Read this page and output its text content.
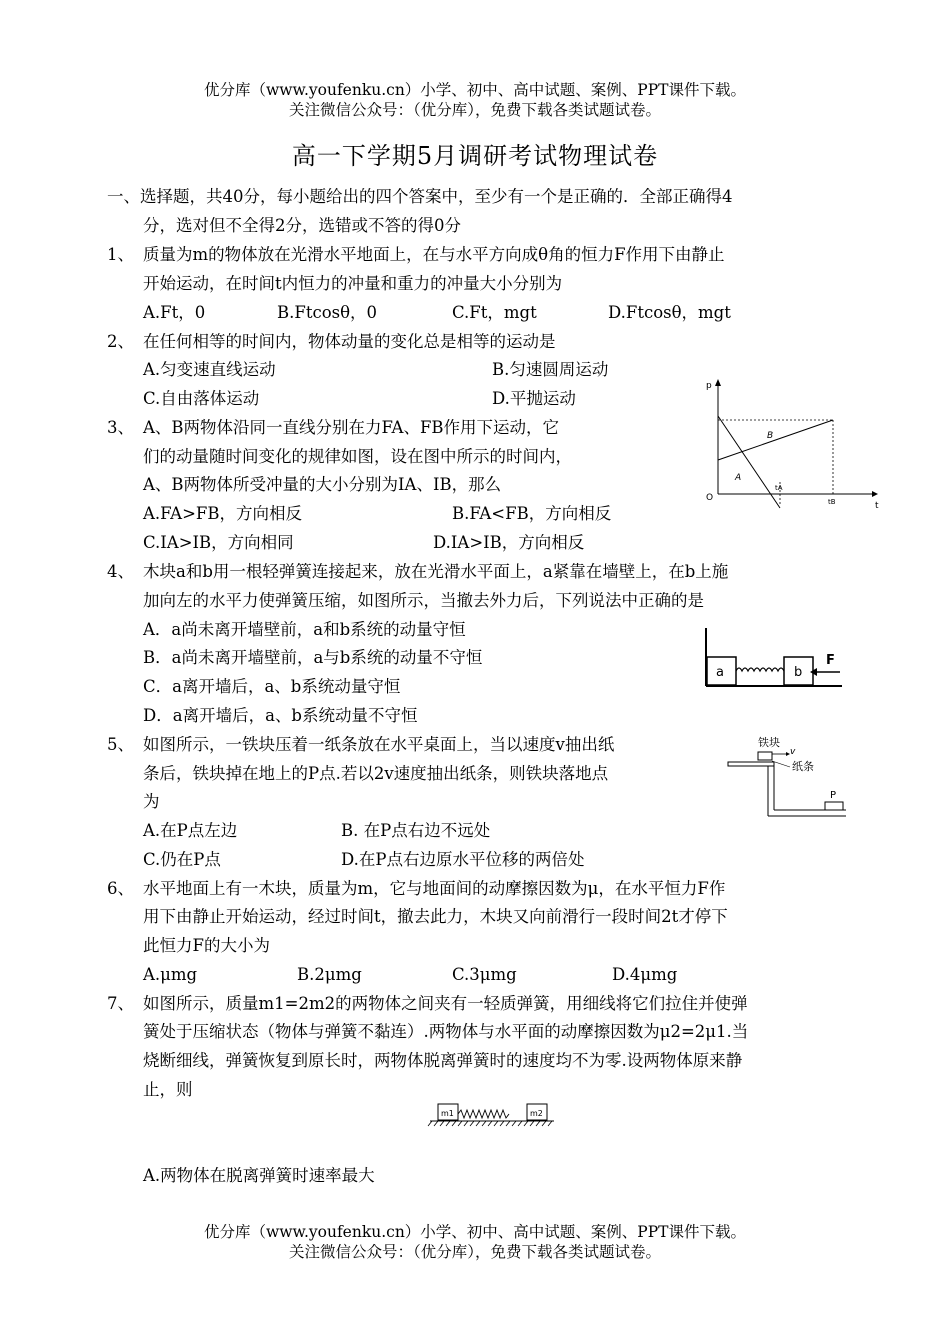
优分库（www.youfenku.cn）小学、初中、高中试题、案例、PPT课件下载。
关注微信公众号：（优分库），免费下载各类试题试卷。
高一下学期5月调研考试物理试卷
一、选择题，共40分，每小题给出的四个答案中，至少有一个是正确的．全部正确得4
分，选对但不全得2分，选错或不答的得0分
1、 质量为m的物体放在光滑水平地面上，在与水平方向成θ角的恒力F作用下由静止
开始运动，在时间t内恒力的冲量和重力的冲量大小分别为
A.Ft，0	B.Ftcosθ，0	C.Ft，mgt	D.Ftcosθ，mgt
2、 在任何相等的时间内，物体动量的变化总是相等的运动是
A.匀变速直线运动	B.匀速圆周运动
C.自由落体运动	D.平抛运动
3、 A、B两物体沿同一直线分别在力FA、FB作用下运动，它
们的动量随时间变化的规律如图，设在图中所示的时间内，
A、B两物体所受冲量的大小分别为IA、IB，那么
A.FA>FB，方向相反	B.FA<FB，方向相反
C.IA>IB，方向相同	D.IA>IB，方向相反
p
t
O
B
A
tA
tB
4、 木块a和b用一根轻弹簧连接起来，放在光滑水平面上，a紧靠在墙壁上，在b上施
加向左的水平力使弹簧压缩，如图所示，当撤去外力后，下列说法中正确的是
A．a尚未离开墙壁前，a和b系统的动量守恒
B．a尚未离开墙壁前，a与b系统的动量不守恒
C．a离开墙后，a、b系统动量守恒
D．a离开墙后，a、b系统动量不守恒
a	b
F
5、 如图所示，一铁块压着一纸条放在水平桌面上，当以速度v抽出纸
条后，铁块掉在地上的P点.若以2v速度抽出纸条，则铁块落地点
为
A.在P点左边	B. 在P点右边不远处
C.仍在P点	D.在P点右边原水平位移的两倍处
铁块
v
纸条
P
6、 水平地面上有一木块，质量为m，它与地面间的动摩擦因数为μ，在水平恒力F作
用下由静止开始运动，经过时间t，撤去此力，木块又向前滑行一段时间2t才停下
此恒力F的大小为
A.μmg	B.2μmg	C.3μmg	D.4μmg
7、 如图所示，质量m1=2m2的两物体之间夹有一轻质弹簧，用细线将它们拉住并使弹
簧处于压缩状态（物体与弹簧不黏连）.两物体与水平面的动摩擦因数为μ2=2μ1.当
烧断细线，弹簧恢复到原长时，两物体脱离弹簧时的速度均不为零.设两物体原来静
止，则
m1	m2
A.两物体在脱离弹簧时速率最大
优分库（www.youfenku.cn）小学、初中、高中试题、案例、PPT课件下载。
关注微信公众号：（优分库），免费下载各类试题试卷。
